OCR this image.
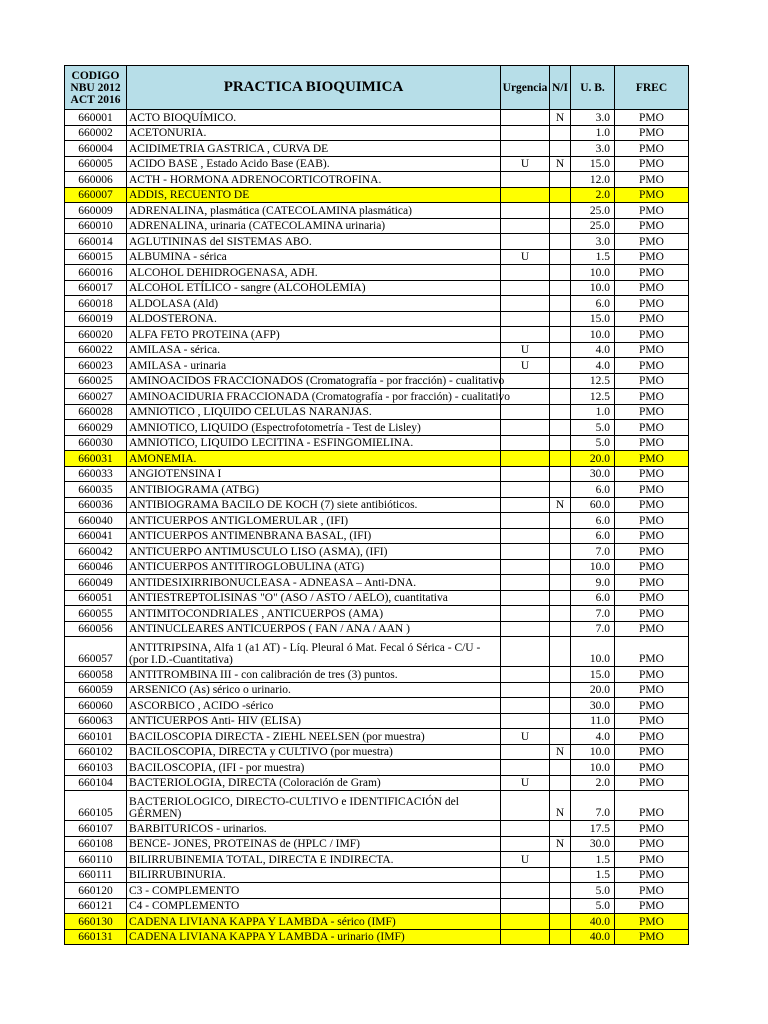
CODIGO
NBU 2012
ACT 2016	PRACTICA BIOQUIMICA	Urgencia	N/I	U. B.	FREC
660001	ACTO BIOQUÍMICO.		N	3.0	PMO
660002	ACETONURIA.			1.0	PMO
660004	ACIDIMETRIA GASTRICA , CURVA DE			3.0	PMO
660005	ACIDO BASE , Estado Acido Base (EAB).	U	N	15.0	PMO
660006	ACTH - HORMONA ADRENOCORTICOTROFINA.			12.0	PMO
660007	ADDIS, RECUENTO DE			2.0	PMO
660009	ADRENALINA, plasmática (CATECOLAMINA plasmática)			25.0	PMO
660010	ADRENALINA, urinaria (CATECOLAMINA urinaria)			25.0	PMO
660014	AGLUTININAS del SISTEMAS ABO.			3.0	PMO
660015	ALBUMINA - sérica	U		1.5	PMO
660016	ALCOHOL DEHIDROGENASA, ADH.			10.0	PMO
660017	ALCOHOL ETÍLICO - sangre (ALCOHOLEMIA)			10.0	PMO
660018	ALDOLASA (Ald)			6.0	PMO
660019	ALDOSTERONA.			15.0	PMO
660020	ALFA FETO PROTEINA (AFP)			10.0	PMO
660022	AMILASA - sérica.	U		4.0	PMO
660023	AMILASA - urinaria	U		4.0	PMO
660025	AMINOACIDOS FRACCIONADOS (Cromatografía - por fracción) - cualitativo			12.5	PMO
660027	AMINOACIDURIA FRACCIONADA (Cromatografía - por fracción) - cualitativo			12.5	PMO
660028	AMNIOTICO , LIQUIDO CELULAS NARANJAS.			1.0	PMO
660029	AMNIOTICO, LIQUIDO (Espectrofotometría - Test de Lisley)			5.0	PMO
660030	AMNIOTICO, LIQUIDO LECITINA - ESFINGOMIELINA.			5.0	PMO
660031	AMONEMIA.			20.0	PMO
660033	ANGIOTENSINA I			30.0	PMO
660035	ANTIBIOGRAMA (ATBG)			6.0	PMO
660036	ANTIBIOGRAMA BACILO DE KOCH (7) siete antibióticos.		N	60.0	PMO
660040	ANTICUERPOS ANTIGLOMERULAR , (IFI)			6.0	PMO
660041	ANTICUERPOS ANTIMENBRANA BASAL, (IFI)			6.0	PMO
660042	ANTICUERPO ANTIMUSCULO LISO (ASMA), (IFI)			7.0	PMO
660046	ANTICUERPOS ANTITIROGLOBULINA (ATG)			10.0	PMO
660049	ANTIDESIXIRRIBONUCLEASA - ADNEASA – Anti-DNA.			9.0	PMO
660051	ANTIESTREPTOLISINAS "O" (ASO / ASTO / AELO), cuantitativa			6.0	PMO
660055	ANTIMITOCONDRIALES , ANTICUERPOS (AMA)			7.0	PMO
660056	ANTINUCLEARES ANTICUERPOS ( FAN / ANA / AAN )			7.0	PMO
660057	ANTITRIPSINA, Alfa 1 (a1 AT) - Líq. Pleural ó Mat. Fecal ó Sérica - C/U - (por I.D.-Cuantitativa)			10.0	PMO
660058	ANTITROMBINA III - con calibración de tres (3) puntos.			15.0	PMO
660059	ARSENICO (As) sérico o urinario.			20.0	PMO
660060	ASCORBICO , ACIDO -sérico			30.0	PMO
660063	ANTICUERPOS Anti- HIV (ELISA)			11.0	PMO
660101	BACILOSCOPIA DIRECTA - ZIEHL NEELSEN (por muestra)	U		4.0	PMO
660102	BACILOSCOPIA, DIRECTA y CULTIVO (por muestra)		N	10.0	PMO
660103	BACILOSCOPIA, (IFI - por muestra)			10.0	PMO
660104	BACTERIOLOGIA, DIRECTA (Coloración de Gram)	U		2.0	PMO
660105	BACTERIOLOGICO, DIRECTO-CULTIVO e IDENTIFICACIÓN del GÉRMEN)		N	7.0	PMO
660107	BARBITURICOS - urinarios.			17.5	PMO
660108	BENCE- JONES, PROTEINAS de (HPLC / IMF)		N	30.0	PMO
660110	BILIRRUBINEMIA TOTAL, DIRECTA E INDIRECTA.	U		1.5	PMO
660111	BILIRRUBINURIA.			1.5	PMO
660120	C3 - COMPLEMENTO			5.0	PMO
660121	C4 - COMPLEMENTO			5.0	PMO
660130	CADENA LIVIANA KAPPA Y LAMBDA - sérico (IMF)			40.0	PMO
660131	CADENA LIVIANA KAPPA Y LAMBDA - urinario (IMF)			40.0	PMO
